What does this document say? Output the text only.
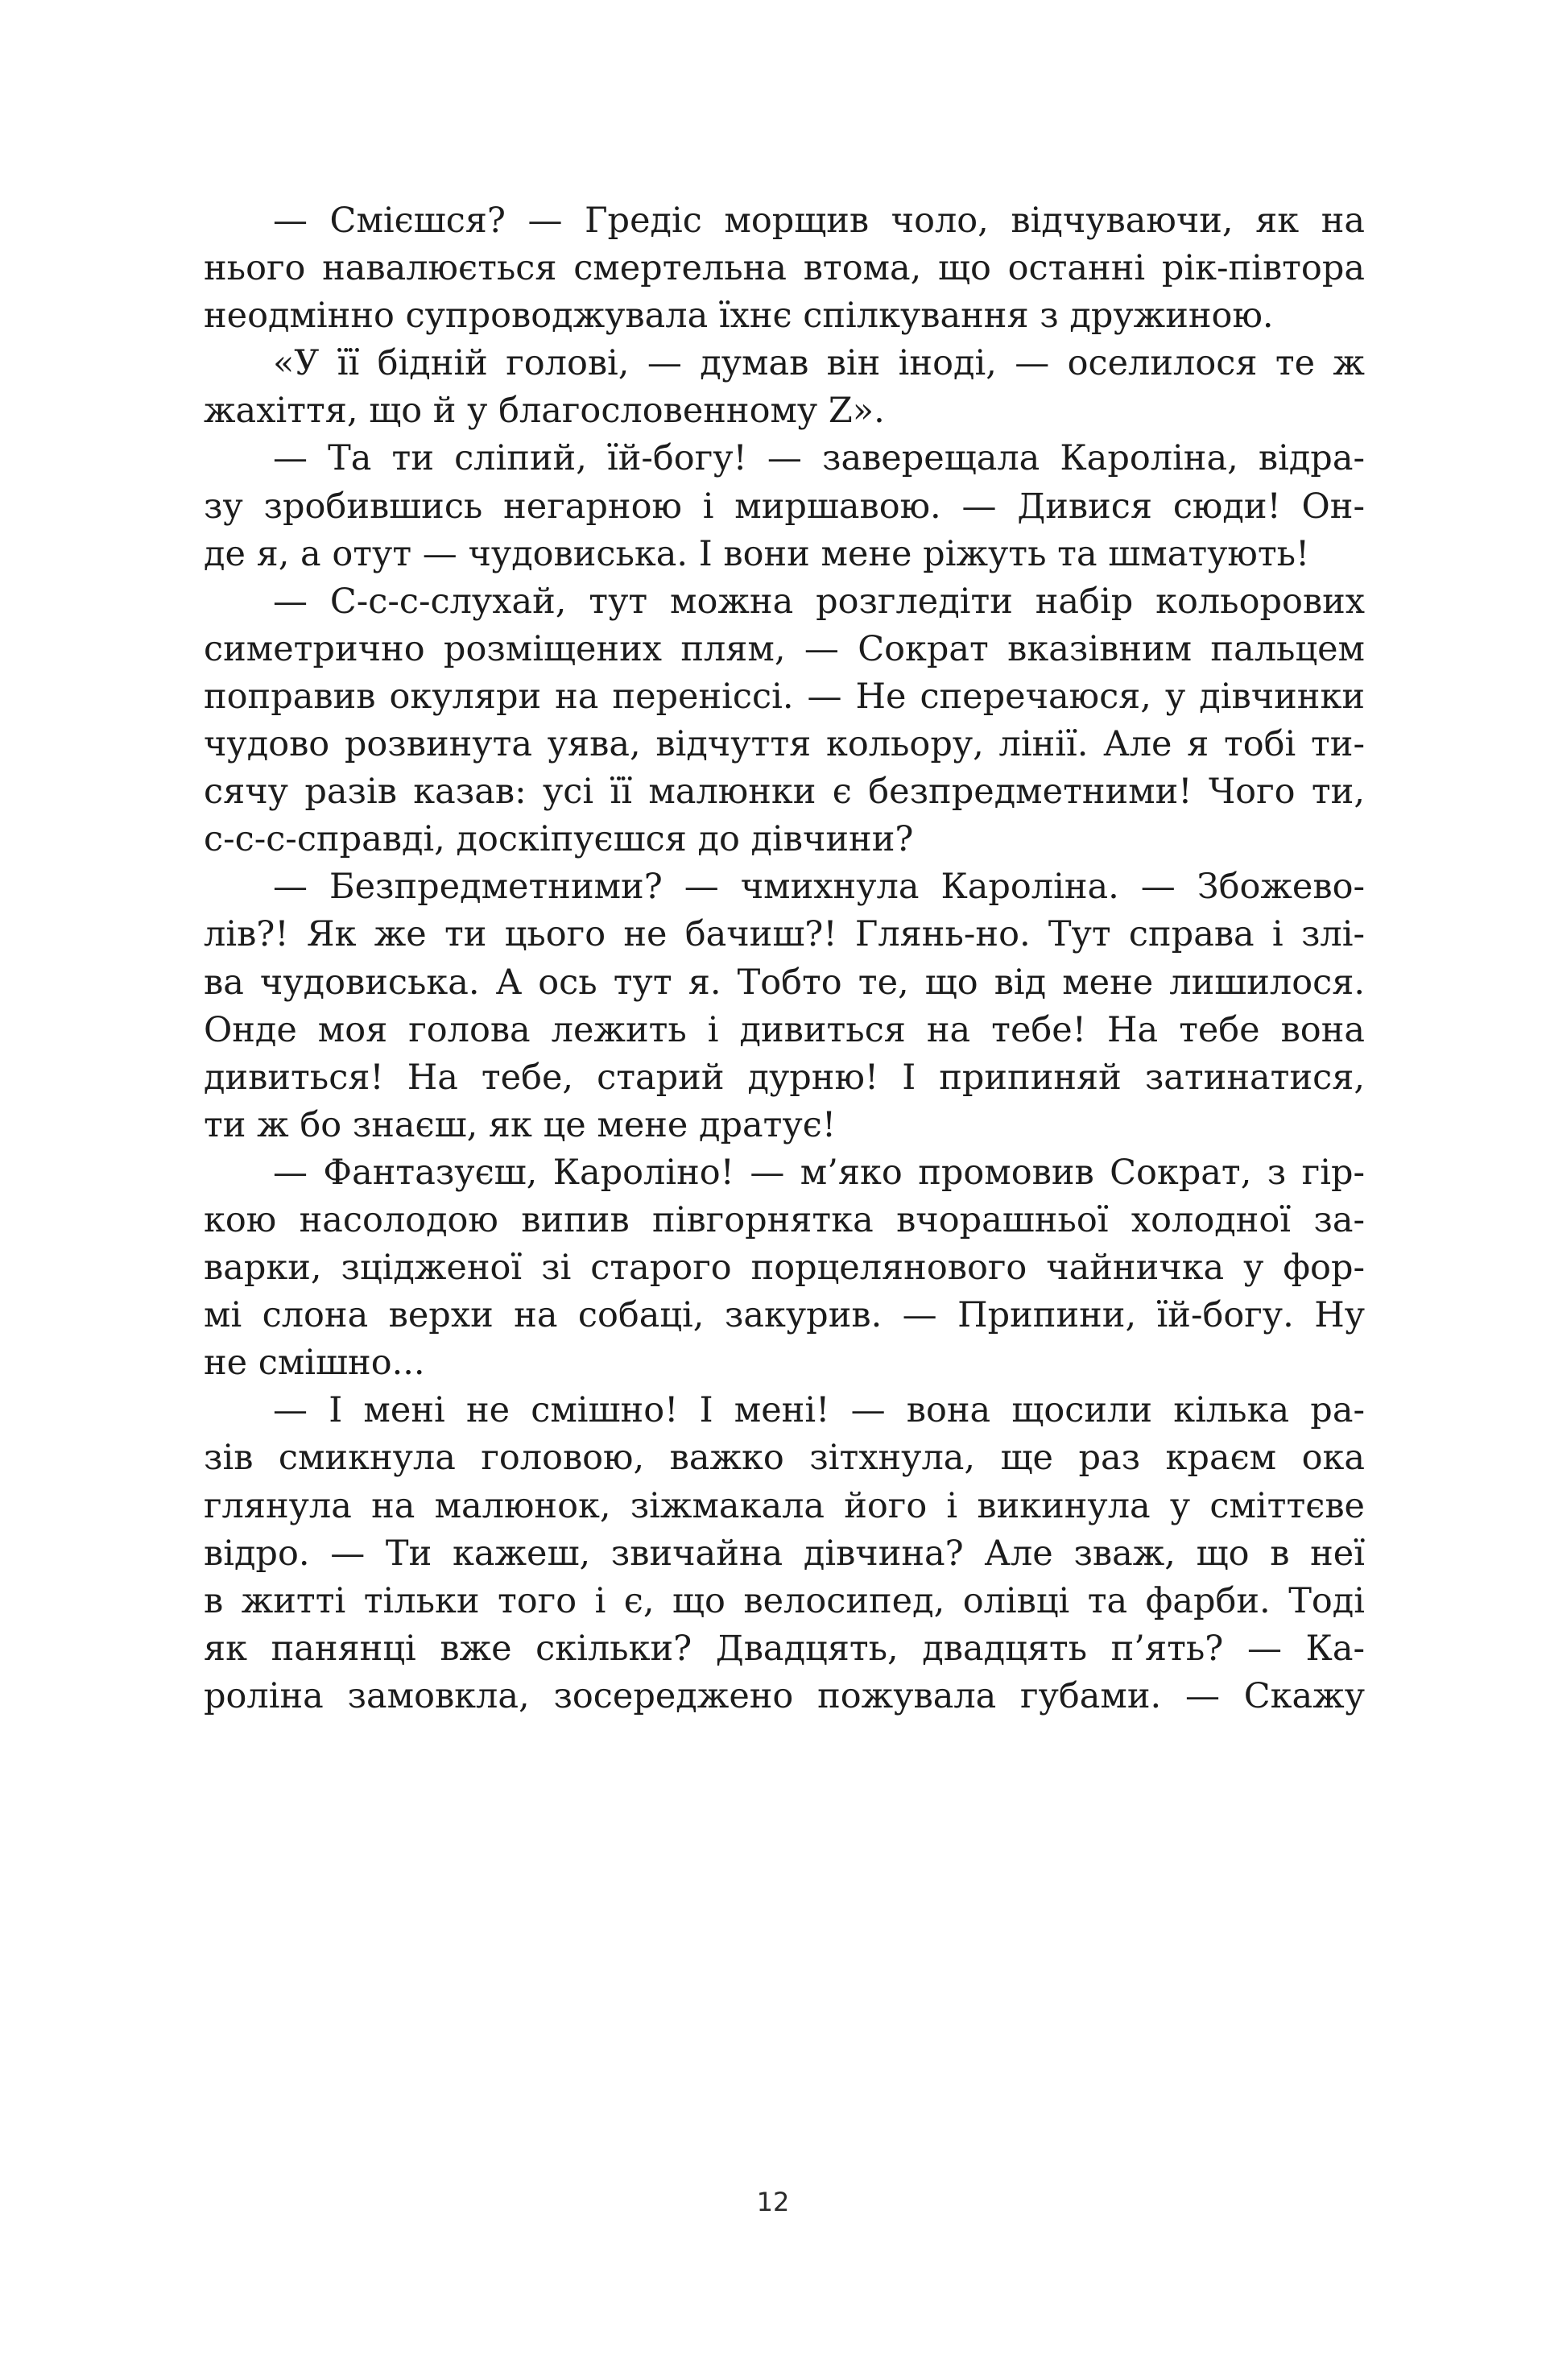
— Смієшся? — Гредіс морщив чоло, відчуваючи, як на
нього навалюється смертельна втома, що останні рік-півтора
неодмінно супроводжувала їхнє спілкування з дружиною.
«У її бідній голові, — думав він іноді, — оселилося те ж
жахіття, що й у благословенному Z».
— Та ти сліпий, їй-богу! — заверещала Кароліна, відра-
зу зробившись негарною і миршавою. — Дивися сюди! Он-
де я, а отут — чудовиська. І вони мене ріжуть та шматують!
— С-с-с-слухай, тут можна розгледіти набір кольорових
симетрично розміщених плям, — Сократ вказівним пальцем
поправив окуляри на переніссі. — Не сперечаюся, у дівчинки
чудово розвинута уява, відчуття кольору, лінії. Але я тобі ти-
сячу разів казав: усі її малюнки є безпредметними! Чого ти,
с-с-с-справді, доскіпуєшся до дівчини?
— Безпредметними? — чмихнула Кароліна. — Збожево-
лів?! Як же ти цього не бачиш?! Глянь-но. Тут справа і злі-
ва чудовиська. А ось тут я. Тобто те, що від мене лишилося.
Онде моя голова лежить і дивиться на тебе! На тебе вона
дивиться! На тебе, старий дурню! І припиняй затинатися,
ти ж бо знаєш, як це мене дратує!
— Фантазуєш, Кароліно! — м’яко промовив Сократ, з гір-
кою насолодою випив півгорнятка вчорашньої холодної за-
варки, зцідженої зі старого порцелянового чайничка у фор-
мі слона верхи на собаці, закурив. — Припини, їй-богу. Ну
не смішно...
— І мені не смішно! І мені! — вона щосили кілька ра-
зів смикнула головою, важко зітхнула, ще раз краєм ока
глянула на малюнок, зіжмакала його і викинула у сміттєве
відро. — Ти кажеш, звичайна дівчина? Але зваж, що в неї
в житті тільки того і є, що велосипед, олівці та фарби. Тоді
як панянці вже скільки? Двадцять, двадцять п’ять? — Ка-
роліна замовкла, зосереджено пожувала губами. — Скажу
12
